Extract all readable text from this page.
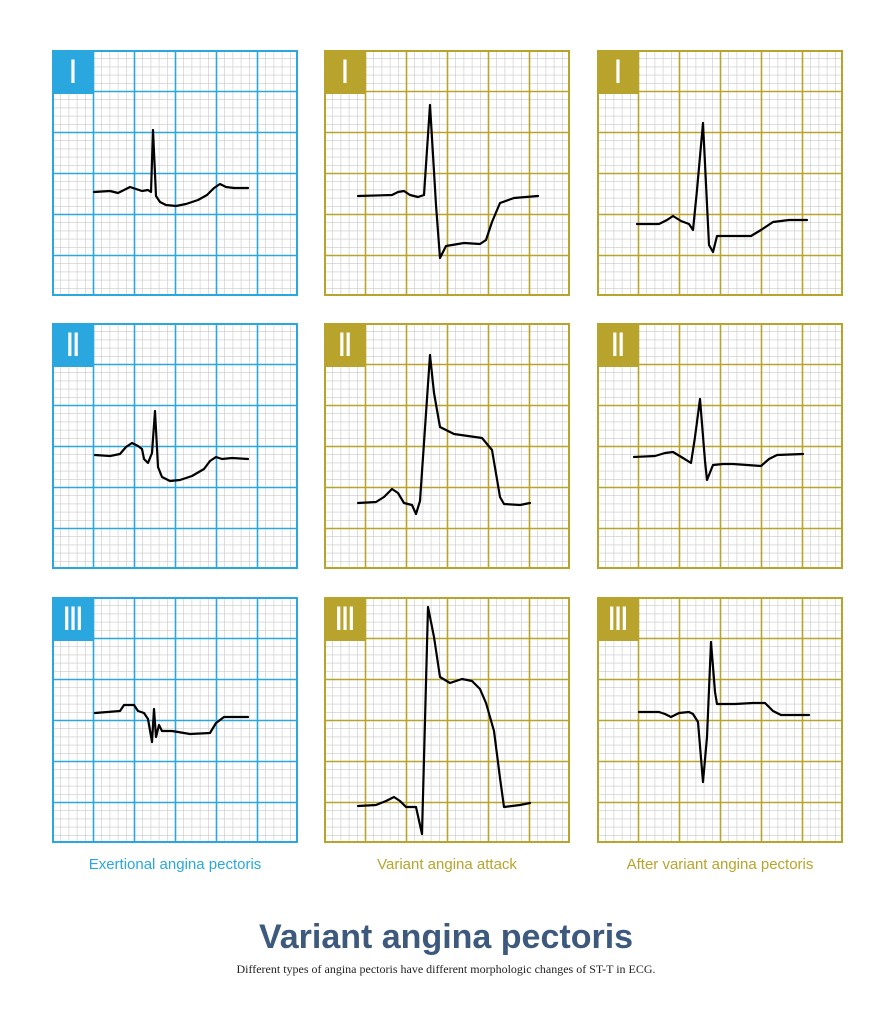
Ⅰ
Ⅱ
Ⅲ
Ⅰ
Ⅱ
Ⅲ
Ⅰ
Ⅱ
Ⅲ
Exertional angina pectoris	Variant angina attack	After variant angina pectoris
Variant angina pectoris
Different types of angina pectoris have different morphologic changes of ST-T in ECG.
